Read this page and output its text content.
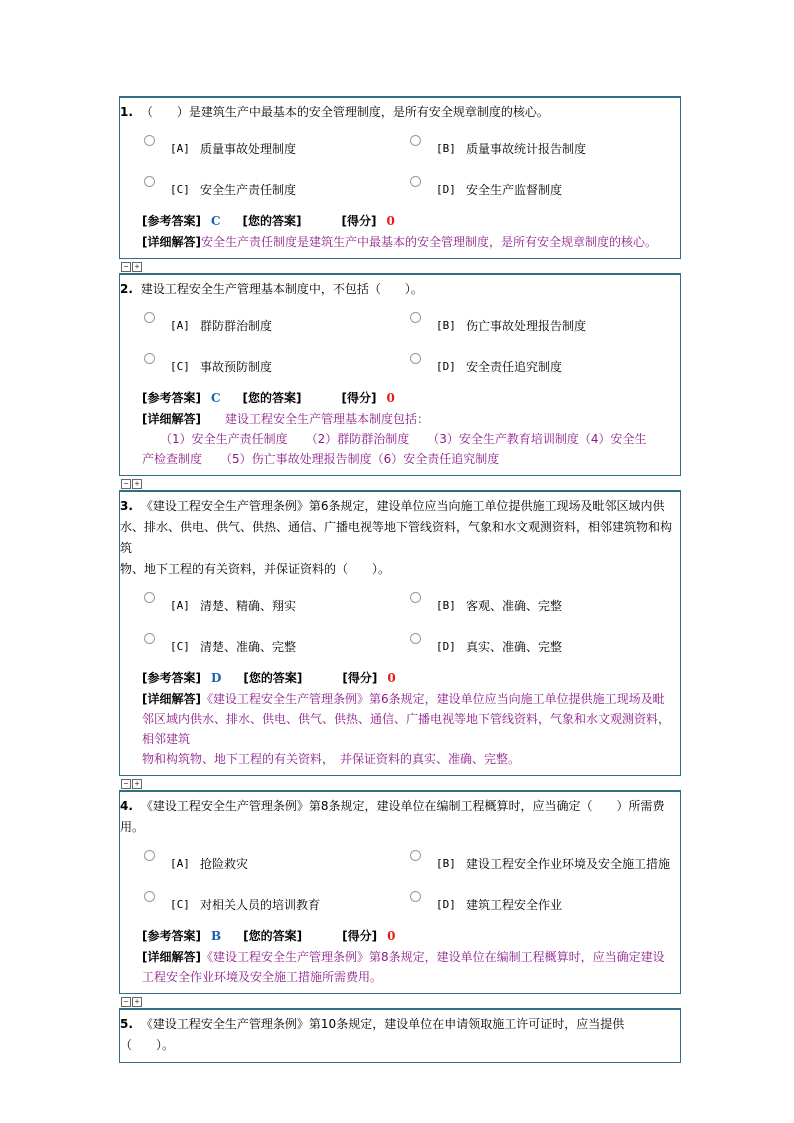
1. （　　）是建筑生产中最基本的安全管理制度，是所有安全规章制度的核心。
[A] 质量事故处理制度	[B] 质量事故统计报告制度
[C] 安全生产责任制度	[D] 安全生产监督制度
[参考答案] C [您的答案]	[得分] 0
[详细解答]安全生产责任制度是建筑生产中最基本的安全管理制度，是所有安全规章制度的核心。
− +
2. 建设工程安全生产管理基本制度中，不包括（　　）。
[A] 群防群治制度	[B] 伤亡事故处理报告制度
[C] 事故预防制度	[D] 安全责任追究制度
[参考答案] C [您的答案]	[得分] 0
[详细解答]　　建设工程安全生产管理基本制度包括：
　　（1）安全生产责任制度　　（2）群防群治制度　　（3）安全生产教育培训制度（4）安全生
产检查制度　　（5）伤亡事故处理报告制度（6）安全责任追究制度
− +
3. 《建设工程安全生产管理条例》第6条规定，建设单位应当向施工单位提供施工现场及毗邻区域内供
水、排水、供电、供气、供热、通信、广播电视等地下管线资料，气象和水文观测资料，相邻建筑物和构筑
物、地下工程的有关资料，并保证资料的（　　）。
[A] 清楚、精确、翔实	[B] 客观、准确、完整
[C] 清楚、准确、完整	[D] 真实、准确、完整
[参考答案] D [您的答案]	[得分] 0
[详细解答]《建设工程安全生产管理条例》第6条规定，建设单位应当向施工单位提供施工现场及毗
邻区域内供水、排水、供电、供气、供热、通信、广播电视等地下管线资料，气象和水文观测资料，相邻建筑
物和构筑物、地下工程的有关资料，　并保证资料的真实、准确、完整。
− +
4. 《建设工程安全生产管理条例》第8条规定，建设单位在编制工程概算时，应当确定（　　）所需费
用。
[A] 抢险救灾	[B] 建设工程安全作业环境及安全施工措施
[C] 对相关人员的培训教育	[D] 建筑工程安全作业
[参考答案] B [您的答案]	[得分] 0
[详细解答]《建设工程安全生产管理条例》第8条规定，建设单位在编制工程概算时，应当确定建设
工程安全作业环境及安全施工措施所需费用。
− +
5. 《建设工程安全生产管理条例》第10条规定，建设单位在申请领取施工许可证时，应当提供
（　　）。
